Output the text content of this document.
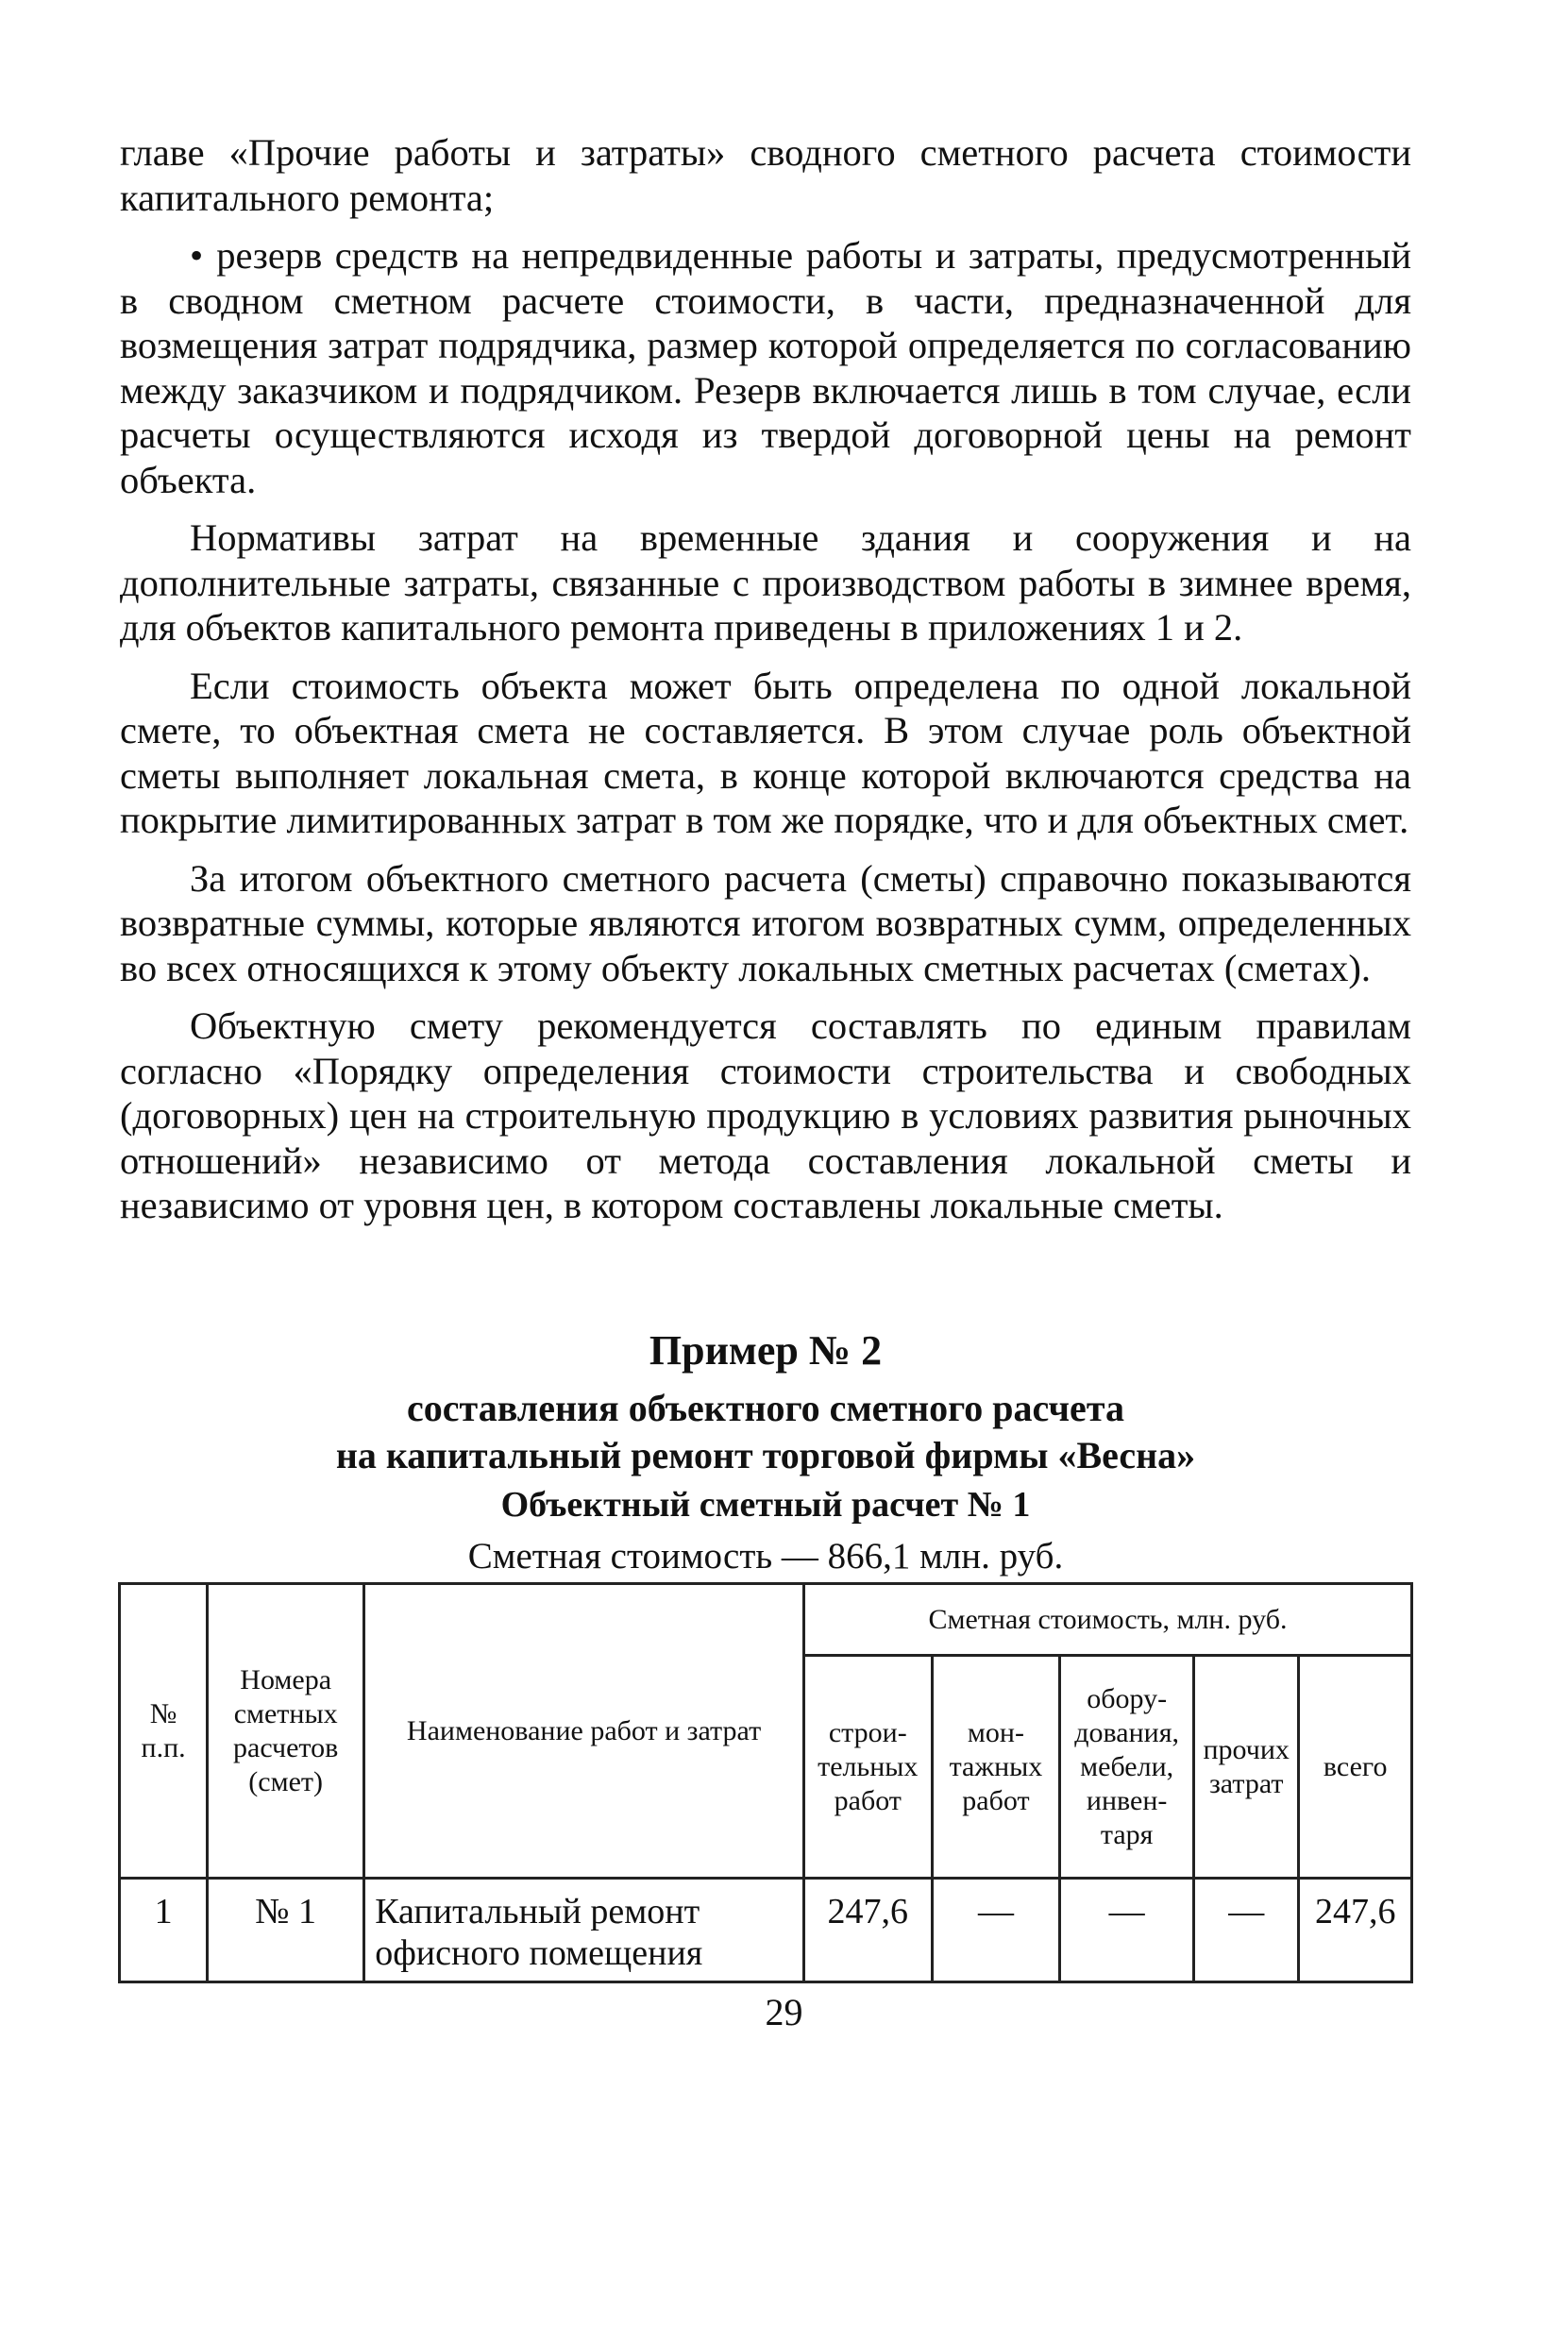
главе «Прочие работы и затраты» сводного сметного расчета стоимости капитального ремонта;

• резерв средств на непредвиденные работы и затраты, предусмотренный в сводном сметном расчете стоимости, в части, предназначенной для возмещения затрат подрядчика, размер которой определяется по согласованию между заказчиком и подрядчиком. Резерв включается лишь в том случае, если расчеты осуществляются исходя из твердой договорной цены на ремонт объекта.

Нормативы затрат на временные здания и сооружения и на дополнительные затраты, связанные с производством работы в зимнее время, для объектов капитального ремонта приведены в приложениях 1 и 2.

Если стоимость объекта может быть определена по одной локальной смете, то объектная смета не составляется. В этом случае роль объектной сметы выполняет локальная смета, в конце которой включаются средства на покрытие лимитированных затрат в том же порядке, что и для объектных смет.

За итогом объектного сметного расчета (сметы) справочно показываются возвратные суммы, которые являются итогом возвратных сумм, определенных во всех относящихся к этому объекту локальных сметных расчетах (сметах).

Объектную смету рекомендуется составлять по единым правилам согласно «Порядку определения стоимости строительства и свободных (договорных) цен на строительную продукцию в условиях развития рыночных отношений» независимо от метода составления локальной сметы и независимо от уровня цен, в котором составлены локальные сметы.

Пример № 2
составления объектного сметного расчета
на капитальный ремонт торговой фирмы «Весна»
Объектный сметный расчет № 1
Сметная стоимость — 866,1 млн. руб.
№ п.п.	Номера сметных расчетов (смет)	Наименование работ и затрат	Сметная стоимость, млн. руб.				
			строи-тельных работ	мон-тажных работ	обору-дования, мебели, инвен-таря	прочих затрат	всего
1	№ 1	Капитальный ремонт офисного помещения	247,6	—	—	—	247,6
29
